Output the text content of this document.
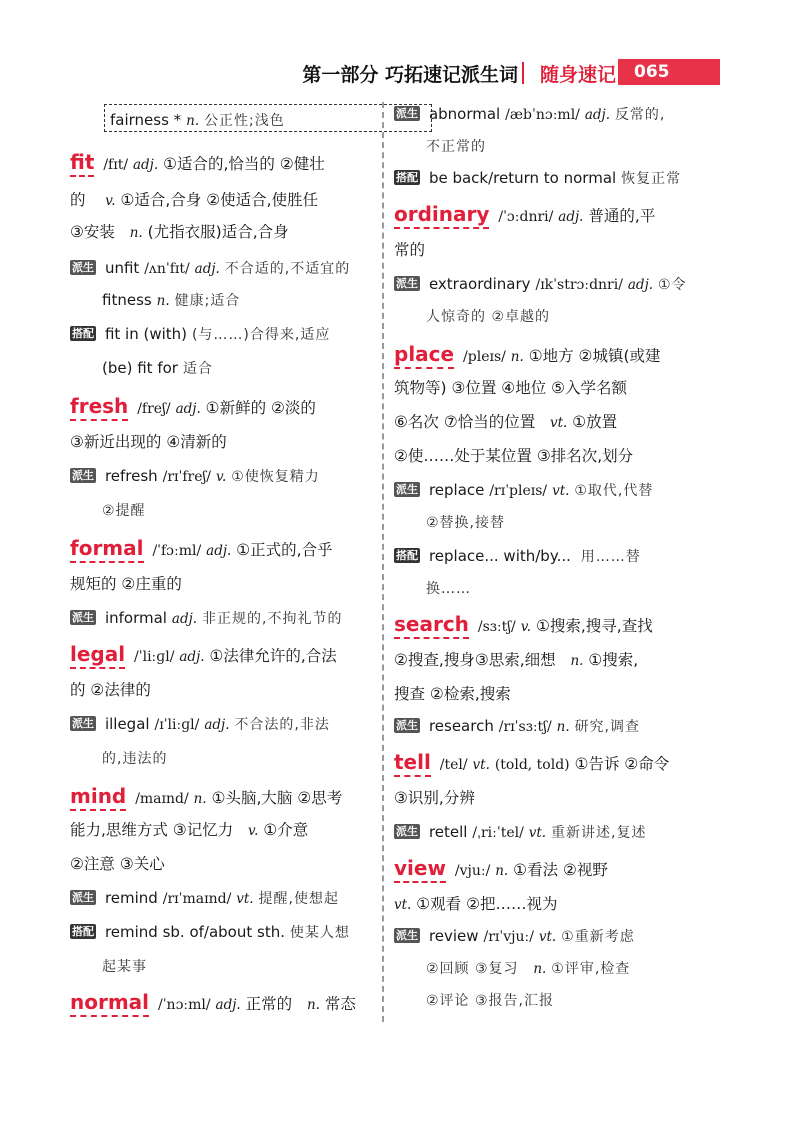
第一部分 巧拓速记派生词 随身速记	065
fairness * n. 公正性;浅色
fit /fɪt/ adj. ①适合的,恰当的 ②健壮
的 v. ①适合,合身 ②使适合,使胜任
③安装 n. (尤指衣服)适合,合身
派生 unfit /ʌnˈfɪt/ adj. 不合适的,不适宜的
fitness n. 健康;适合
搭配 fit in (with) (与……)合得来,适应
(be) fit for 适合
fresh /freʃ/ adj. ①新鲜的 ②淡的
③新近出现的 ④清新的
派生 refresh /rɪˈfreʃ/ v. ①使恢复精力
②提醒
formal /ˈfɔːml/ adj. ①正式的,合乎
规矩的 ②庄重的
派生 informal adj. 非正规的,不拘礼节的
legal /ˈliːɡl/ adj. ①法律允许的,合法
的 ②法律的
派生 illegal /ɪˈliːɡl/ adj. 不合法的,非法
的,违法的
mind /maɪnd/ n. ①头脑,大脑 ②思考
能力,思维方式 ③记忆力 v. ①介意
②注意 ③关心
派生 remind /rɪˈmaɪnd/ vt. 提醒,使想起
搭配 remind sb. of/about sth. 使某人想
起某事
normal /ˈnɔːml/ adj. 正常的 n. 常态
派生 abnormal /æbˈnɔːml/ adj. 反常的,
不正常的
搭配 be back/return to normal 恢复正常
ordinary /ˈɔːdnri/ adj. 普通的,平
常的
派生 extraordinary /ɪkˈstrɔːdnri/ adj. ①令
人惊奇的 ②卓越的
place /pleɪs/ n. ①地方 ②城镇(或建
筑物等) ③位置 ④地位 ⑤入学名额
⑥名次 ⑦恰当的位置 vt. ①放置
②使……处于某位置 ③排名次,划分
派生 replace /rɪˈpleɪs/ vt. ①取代,代替
②替换,接替
搭配 replace... with/by... 用……替
换……
search /sɜːtʃ/ v. ①搜索,搜寻,查找
②搜查,搜身③思索,细想 n. ①搜索,
搜查 ②检索,搜索
派生 research /rɪˈsɜːtʃ/ n. 研究,调查
tell /tel/ vt. (told, told) ①告诉 ②命令
③识别,分辨
派生 retell /ˌriːˈtel/ vt. 重新讲述,复述
view /vjuː/ n. ①看法 ②视野
vt. ①观看 ②把……视为
派生 review /rɪˈvjuː/ vt. ①重新考虑
②回顾 ③复习 n. ①评审,检查
②评论 ③报告,汇报
